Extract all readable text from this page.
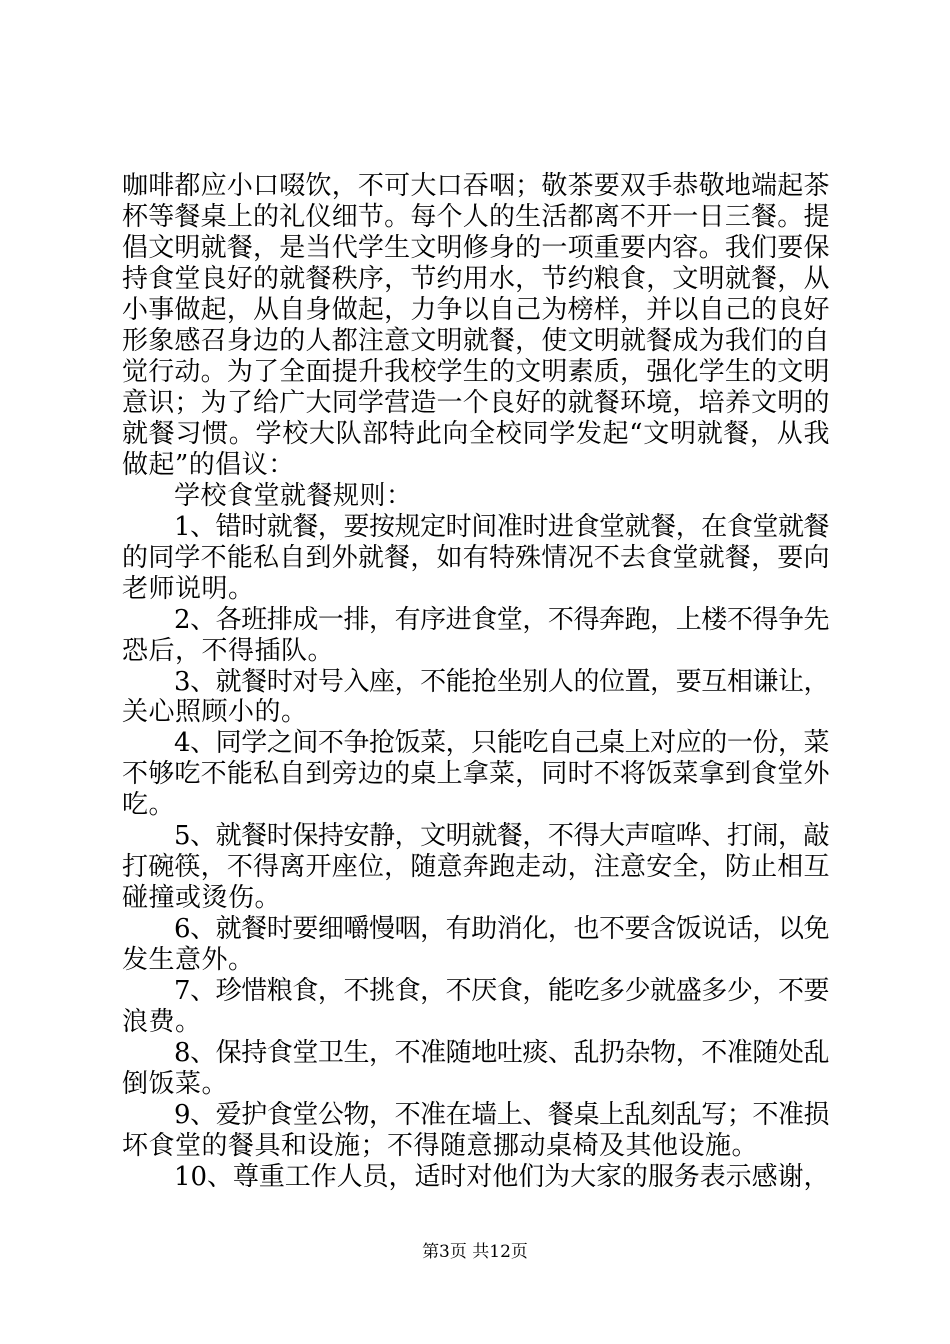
咖啡都应小口啜饮，不可大口吞咽；敬茶要双手恭敬地端起茶
杯等餐桌上的礼仪细节。每个人的生活都离不开一日三餐。提
倡文明就餐，是当代学生文明修身的一项重要内容。我们要保
持食堂良好的就餐秩序，节约用水，节约粮食，文明就餐，从
小事做起，从自身做起，力争以自己为榜样，并以自己的良好
形象感召身边的人都注意文明就餐，使文明就餐成为我们的自
觉行动。为了全面提升我校学生的文明素质，强化学生的文明
意识；为了给广大同学营造一个良好的就餐环境，培养文明的
就餐习惯。学校大队部特此向全校同学发起“文明就餐，从我
做起”的倡议：
学校食堂就餐规则：
1、错时就餐，要按规定时间准时进食堂就餐，在食堂就餐
的同学不能私自到外就餐，如有特殊情况不去食堂就餐，要向
老师说明。
2、各班排成一排，有序进食堂，不得奔跑，上楼不得争先
恐后，不得插队。
3、就餐时对号入座，不能抢坐别人的位置，要互相谦让，
关心照顾小的。
4、同学之间不争抢饭菜，只能吃自己桌上对应的一份，菜
不够吃不能私自到旁边的桌上拿菜，同时不将饭菜拿到食堂外
吃。
5、就餐时保持安静，文明就餐，不得大声喧哗、打闹，敲
打碗筷，不得离开座位，随意奔跑走动，注意安全，防止相互
碰撞或烫伤。
6、就餐时要细嚼慢咽，有助消化，也不要含饭说话，以免
发生意外。
7、珍惜粮食，不挑食，不厌食，能吃多少就盛多少，不要
浪费。
8、保持食堂卫生，不准随地吐痰、乱扔杂物，不准随处乱
倒饭菜。
9、爱护食堂公物，不准在墙上、餐桌上乱刻乱写；不准损
坏食堂的餐具和设施；不得随意挪动桌椅及其他设施。
10、尊重工作人员，适时对他们为大家的服务表示感谢，
第3页 共12页
